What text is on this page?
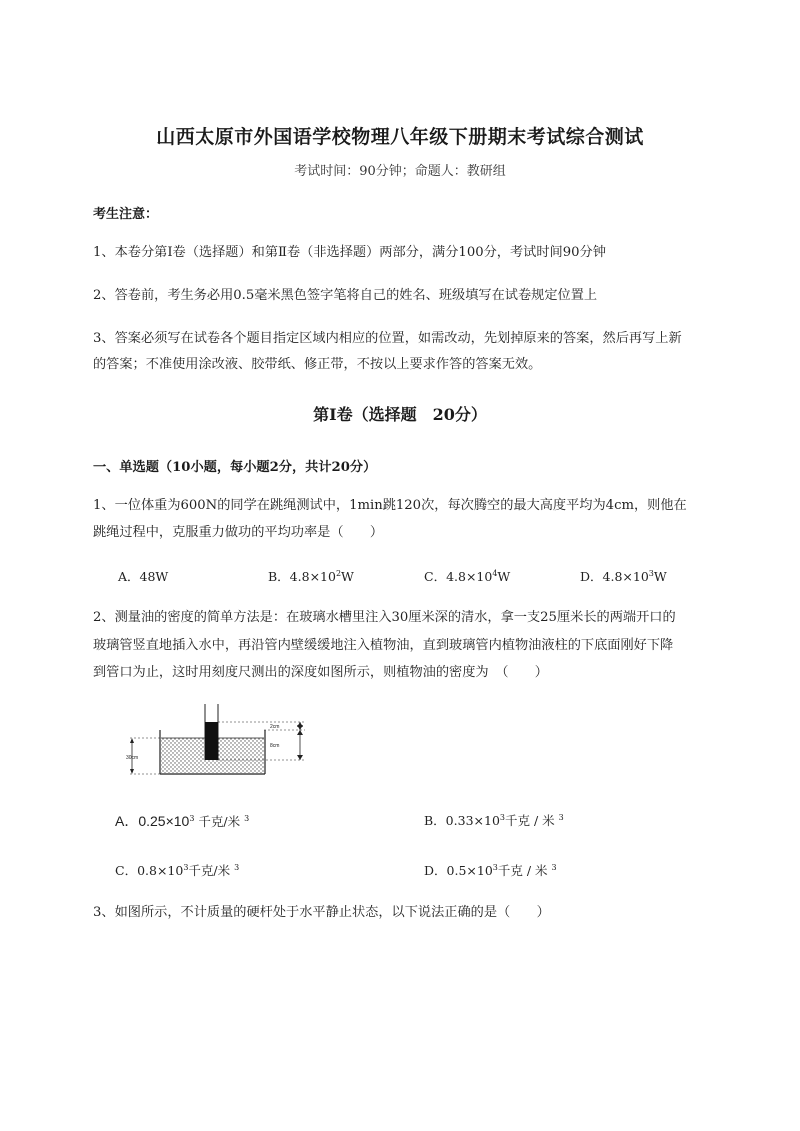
山西太原市外国语学校物理八年级下册期末考试综合测试
考试时间：90分钟；命题人：教研组
考生注意：
1、本卷分第Ⅰ卷（选择题）和第Ⅱ卷（非选择题）两部分，满分100分，考试时间90分钟
2、答卷前，考生务必用0.5毫米黑色签字笔将自己的姓名、班级填写在试卷规定位置上
3、答案必须写在试卷各个题目指定区域内相应的位置，如需改动，先划掉原来的答案，然后再写上新
的答案；不准使用涂改液、胶带纸、修正带，不按以上要求作答的答案无效。
第Ⅰ卷（选择题　20分）
一、单选题（10小题，每小题2分，共计20分）
1、一位体重为600N的同学在跳绳测试中，1min跳120次，每次腾空的最大高度平均为4cm，则他在
跳绳过程中，克服重力做功的平均功率是（　　）
A．48W	B．$4.8\times 10^2W$	C．$4.8\times 10^4W$	D．$4.8\times 10^3W$
2、测量油的密度的简单方法是：在玻璃水槽里注入30厘米深的清水，拿一支25厘米长的两端开口的
玻璃管竖直地插入水中，再沿管内壁缓缓地注入植物油，直到玻璃管内植物油液柱的下底面刚好下降
到管口为止，这时用刻度尺测出的深度如图所示，则植物油的密度为　（　　）
30cm
2cm
8cm
A．$0.25\times 10^3$ 千克/米 $^3$	B．$0.33\times 10^3$千克 / 米 $^3$
C．$0.8\times 10^3$千克/米 $^3$	D．$0.5\times 10^3$千克 / 米 $^3$
3、如图所示，不计质量的硬杆处于水平静止状态，以下说法正确的是（　　）
